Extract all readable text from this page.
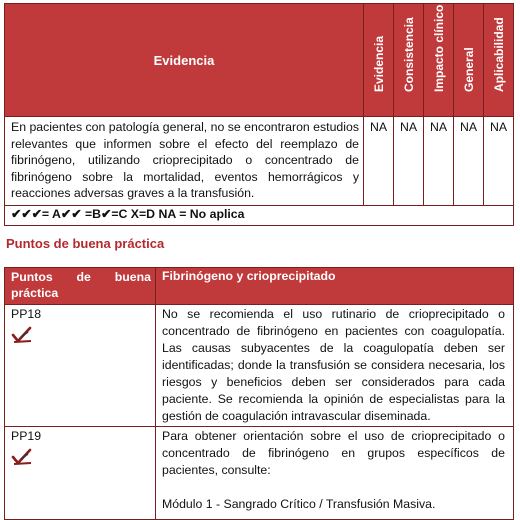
Evidencia	Evidencia	Consistencia	Impacto clínico	General	Aplicabilidad

En pacientes con patología general, no se encontraron estudios relevantes que informen sobre el efecto del reemplazo de fibrinógeno, utilizando crioprecipitado o concentrado de fibrinógeno sobre la mortalidad, eventos hemorrágicos y reacciones adversas graves a la transfusión.	NA	NA	NA	NA	NA
✔✔✔= A✔✔ =B✔=C X=D NA = No aplica					
Puntos de buena práctica
Puntos de buena
práctica	Fibrinógeno y crioprecipitado

PP18	No se recomienda el uso rutinario de crioprecipitado o concentrado de fibrinógeno en pacientes con coagulopatía. Las causas subyacentes de la coagulopatía deben ser identificadas; donde la transfusión se considera necesaria, los riesgos y beneficios deben ser considerados para cada paciente. Se recomienda la opinión de especialistas para la gestión de coagulación intravascular diseminada.

PP19	Para obtener orientación sobre el uso de crioprecipitado o concentrado de fibrinógeno en grupos específicos de pacientes, consulte:
Módulo 1 - Sangrado Crítico / Transfusión Masiva.
